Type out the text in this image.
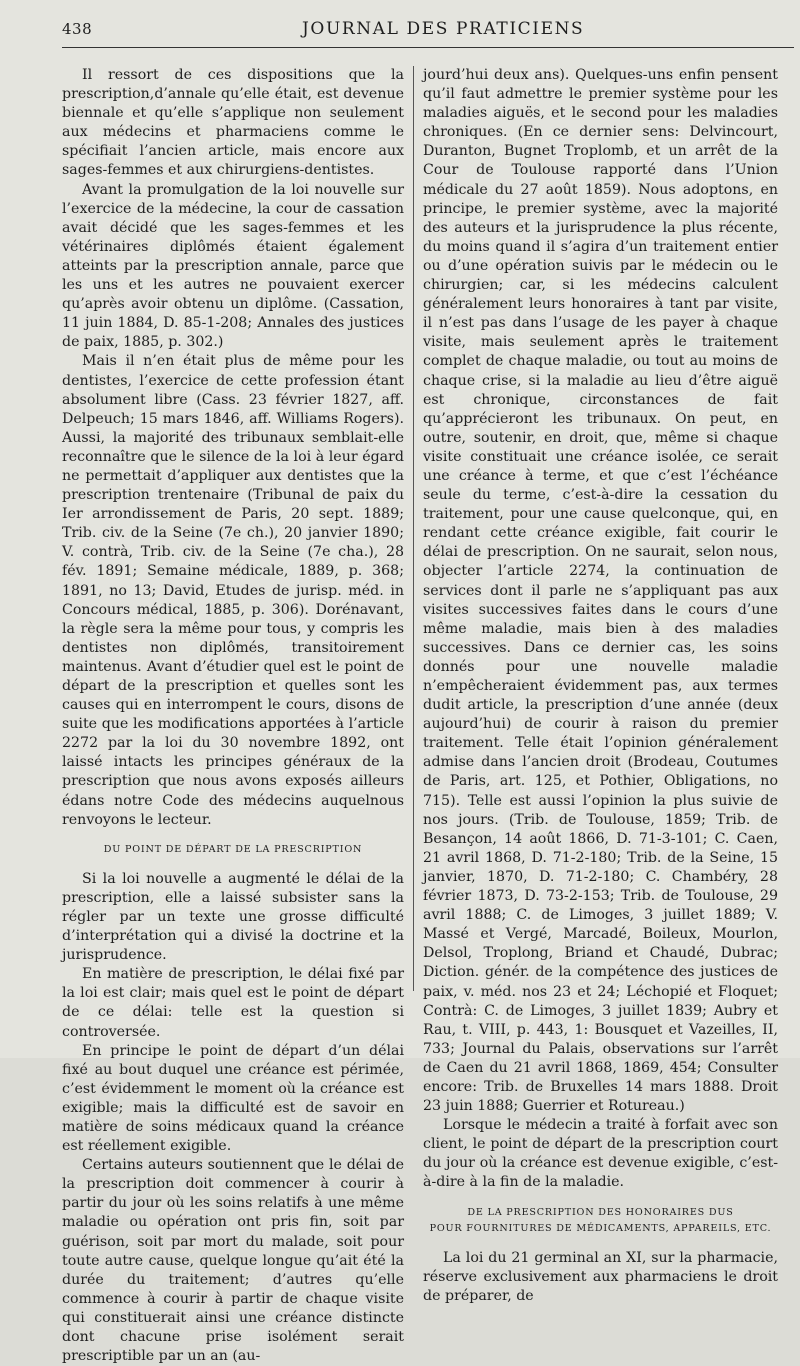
438	JOURNAL DES PRATICIENS

Il ressort de ces dispositions que la prescription,d’annale qu’elle était, est devenue biennale et qu’elle s’applique non seulement aux médecins et pharmaciens comme le spécifiait l’ancien article, mais encore aux sages-femmes et aux chirurgiens-dentistes.

Avant la promulgation de la loi nouvelle sur l’exercice de la médecine, la cour de cassation avait décidé que les sages-femmes et les vétérinaires diplômés étaient également atteints par la prescription annale, parce que les uns et les autres ne pouvaient exercer qu’après avoir obtenu un diplôme. (Cassation, 11 juin 1884, D. 85-1-208; Annales des justices de paix, 1885, p. 302.)

Mais il n’en était plus de même pour les dentistes, l’exercice de cette profession étant absolument libre (Cass. 23 février 1827, aff. Delpeuch; 15 mars 1846, aff. Williams Rogers). Aussi, la majorité des tribunaux semblait-elle reconnaître que le silence de la loi à leur égard ne permettait d’appliquer aux dentistes que la prescription trentenaire (Tribunal de paix du Ier arrondissement de Paris, 20 sept. 1889; Trib. civ. de la Seine (7e ch.), 20 janvier 1890; V. contrà, Trib. civ. de la Seine (7e cha.), 28 fév. 1891; Semaine médicale, 1889, p. 368; 1891, no 13; David, Etudes de jurisp. méd. in Concours médical, 1885, p. 306). Dorénavant, la règle sera la même pour tous, y compris les dentistes non diplômés, transitoirement maintenus. Avant d’étudier quel est le point de départ de la prescription et quelles sont les causes qui en interrompent le cours, disons de suite que les modifications apportées à l’article 2272 par la loi du 30 novembre 1892, ont laissé intacts les principes généraux de la prescription que nous avons exposés ailleurs édans notre Code des médecins auquelnous renvoyons le lecteur.

DU POINT DE DÉPART DE LA PRESCRIPTION

Si la loi nouvelle a augmenté le délai de la prescription, elle a laissé subsister sans la régler par un texte une grosse difficulté d’interprétation qui a divisé la doctrine et la jurisprudence.

En matière de prescription, le délai fixé par la loi est clair; mais quel est le point de départ de ce délai: telle est la question si controversée.

En principe le point de départ d’un délai fixé au bout duquel une créance est périmée, c’est évidemment le moment où la créance est exigible; mais la difficulté est de savoir en matière de soins médicaux quand la créance est réellement exigible.

Certains auteurs soutiennent que le délai de la prescription doit commencer à courir à partir du jour où les soins relatifs à une même maladie ou opération ont pris fin, soit par guérison, soit par mort du malade, soit pour toute autre cause, quelque longue qu’ait été la durée du traitement; d’autres qu’elle commence à courir à partir de chaque visite qui constituerait ainsi une créance distincte dont chacune prise isolément serait prescriptible par un an (au-

jourd’hui deux ans). Quelques-uns enfin pensent qu’il faut admettre le premier système pour les maladies aiguës, et le second pour les maladies chroniques. (En ce dernier sens: Delvincourt, Duranton, Bugnet Troplomb, et un arrêt de la Cour de Toulouse rapporté dans l’Union médicale du 27 août 1859). Nous adoptons, en principe, le premier système, avec la majorité des auteurs et la jurisprudence la plus récente, du moins quand il s’agira d’un traitement entier ou d’une opération suivis par le médecin ou le chirurgien; car, si les médecins calculent généralement leurs honoraires à tant par visite, il n’est pas dans l’usage de les payer à chaque visite, mais seulement après le traitement complet de chaque maladie, ou tout au moins de chaque crise, si la maladie au lieu d’être aiguë est chronique, circonstances de fait qu’apprécieront les tribunaux. On peut, en outre, soutenir, en droit, que, même si chaque visite constituait une créance isolée, ce serait une créance à terme, et que c’est l’échéance seule du terme, c’est-à-dire la cessation du traitement, pour une cause quelconque, qui, en rendant cette créance exigible, fait courir le délai de prescription. On ne saurait, selon nous, objecter l’article 2274, la continuation de services dont il parle ne s’appliquant pas aux visites successives faites dans le cours d’une même maladie, mais bien à des maladies successives. Dans ce dernier cas, les soins donnés pour une nouvelle maladie n’empêcheraient évidemment pas, aux termes dudit article, la prescription d’une année (deux aujourd’hui) de courir à raison du premier traitement. Telle était l’opinion généralement admise dans l’ancien droit (Brodeau, Coutumes de Paris, art. 125, et Pothier, Obligations, no 715). Telle est aussi l’opinion la plus suivie de nos jours. (Trib. de Toulouse, 1859; Trib. de Besançon, 14 août 1866, D. 71-3-101; C. Caen, 21 avril 1868, D. 71-2-180; Trib. de la Seine, 15 janvier, 1870, D. 71-2-180; C. Chambéry, 28 février 1873, D. 73-2-153; Trib. de Toulouse, 29 avril 1888; C. de Limoges, 3 juillet 1889; V. Massé et Vergé, Marcadé, Boileux, Mourlon, Delsol, Troplong, Briand et Chaudé, Dubrac; Diction. génér. de la compétence des justices de paix, v. méd. nos 23 et 24; Léchopié et Floquet; Contrà: C. de Limoges, 3 juillet 1839; Aubry et Rau, t. VIII, p. 443, 1: Bousquet et Vazeilles, II, 733; Journal du Palais, observations sur l’arrêt de Caen du 21 avril 1868, 1869, 454; Consulter encore: Trib. de Bruxelles 14 mars 1888. Droit 23 juin 1888; Guerrier et Rotureau.)

Lorsque le médecin a traité à forfait avec son client, le point de départ de la prescription court du jour où la créance est devenue exigible, c’est-à-dire à la fin de la maladie.

DE LA PRESCRIPTION DES HONORAIRES DUS
POUR FOURNITURES DE MÉDICAMENTS, APPAREILS, ETC.

La loi du 21 germinal an XI, sur la pharmacie, réserve exclusivement aux pharmaciens le droit de préparer, de
